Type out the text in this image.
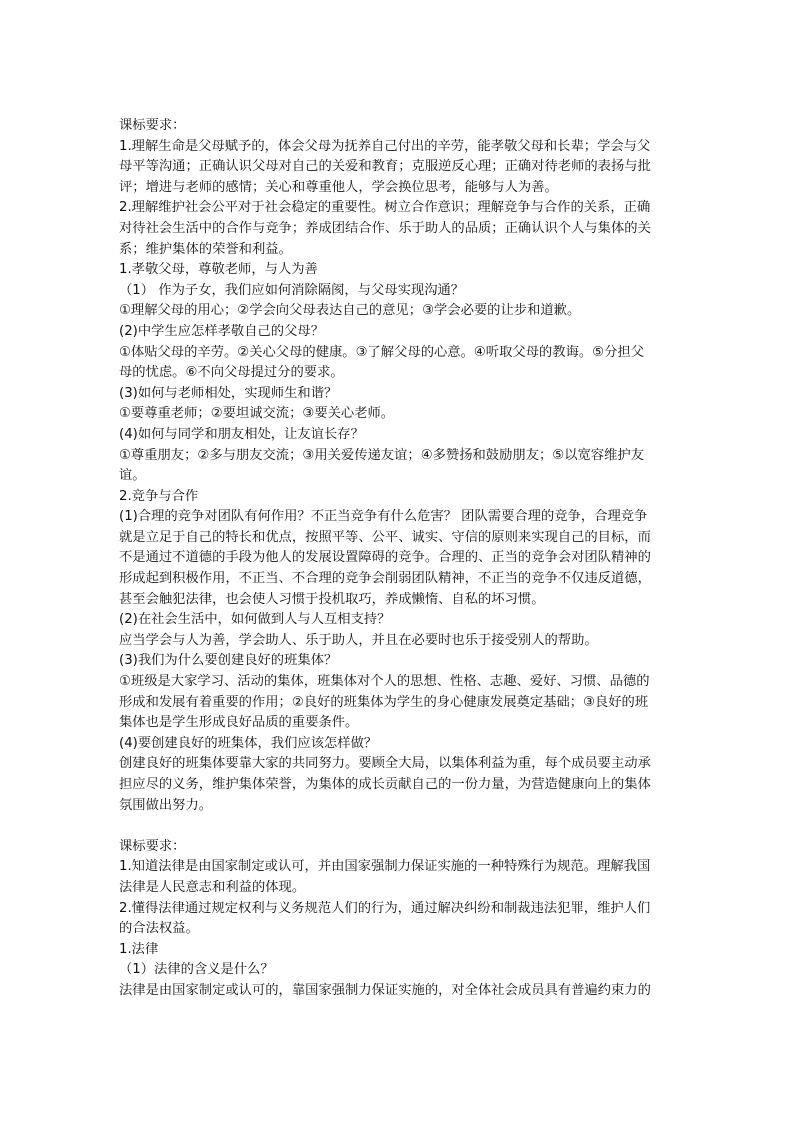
课标要求：
1.理解生命是父母赋予的，体会父母为抚养自己付出的辛劳，能孝敬父母和长辈；学会与父
母平等沟通；正确认识父母对自己的关爱和教育；克服逆反心理；正确对待老师的表扬与批
评；增进与老师的感情；关心和尊重他人，学会换位思考，能够与人为善。
2.理解维护社会公平对于社会稳定的重要性。树立合作意识；理解竞争与合作的关系，正确
对待社会生活中的合作与竞争；养成团结合作、乐于助人的品质；正确认识个人与集体的关
系；维护集体的荣誉和利益。
1.孝敬父母，尊敬老师，与人为善
（1） 作为子女，我们应如何消除隔阂，与父母实现沟通？
①理解父母的用心；②学会向父母表达自己的意见；③学会必要的让步和道歉。
(2)中学生应怎样孝敬自己的父母？
①体贴父母的辛劳。②关心父母的健康。③了解父母的心意。④听取父母的教诲。⑤分担父
母的忧虑。⑥不向父母提过分的要求。
(3)如何与老师相处，实现师生和谐？
①要尊重老师；②要坦诚交流；③要关心老师。
(4)如何与同学和朋友相处，让友谊长存？
①尊重朋友；②多与朋友交流；③用关爱传递友谊；④多赞扬和鼓励朋友；⑤以宽容维护友
谊。
2.竞争与合作
(1)合理的竞争对团队有何作用？不正当竞争有什么危害？ 团队需要合理的竞争，合理竞争
就是立足于自己的特长和优点，按照平等、公平、诚实、守信的原则来实现自己的目标，而
不是通过不道德的手段为他人的发展设置障碍的竞争。合理的、正当的竞争会对团队精神的
形成起到积极作用，不正当、不合理的竞争会削弱团队精神，不正当的竞争不仅违反道德，
甚至会触犯法律，也会使人习惯于投机取巧，养成懒惰、自私的坏习惯。
(2)在社会生活中，如何做到人与人互相支持？
应当学会与人为善，学会助人、乐于助人，并且在必要时也乐于接受别人的帮助。
(3)我们为什么要创建良好的班集体？
①班级是大家学习、活动的集体，班集体对个人的思想、性格、志趣、爱好、习惯、品德的
形成和发展有着重要的作用；②良好的班集体为学生的身心健康发展奠定基础；③良好的班
集体也是学生形成良好品质的重要条件。
(4)要创建良好的班集体，我们应该怎样做？
创建良好的班集体要靠大家的共同努力。要顾全大局，以集体利益为重，每个成员要主动承
担应尽的义务，维护集体荣誉，为集体的成长贡献自己的一份力量，为营造健康向上的集体
氛围做出努力。
课标要求：
1.知道法律是由国家制定或认可，并由国家强制力保证实施的一种特殊行为规范。理解我国
法律是人民意志和利益的体现。
2.懂得法律通过规定权利与义务规范人们的行为，通过解决纠纷和制裁违法犯罪，维护人们
的合法权益。
1.法律
（1）法律的含义是什么？
法律是由国家制定或认可的，靠国家强制力保证实施的，对全体社会成员具有普遍约束力的
